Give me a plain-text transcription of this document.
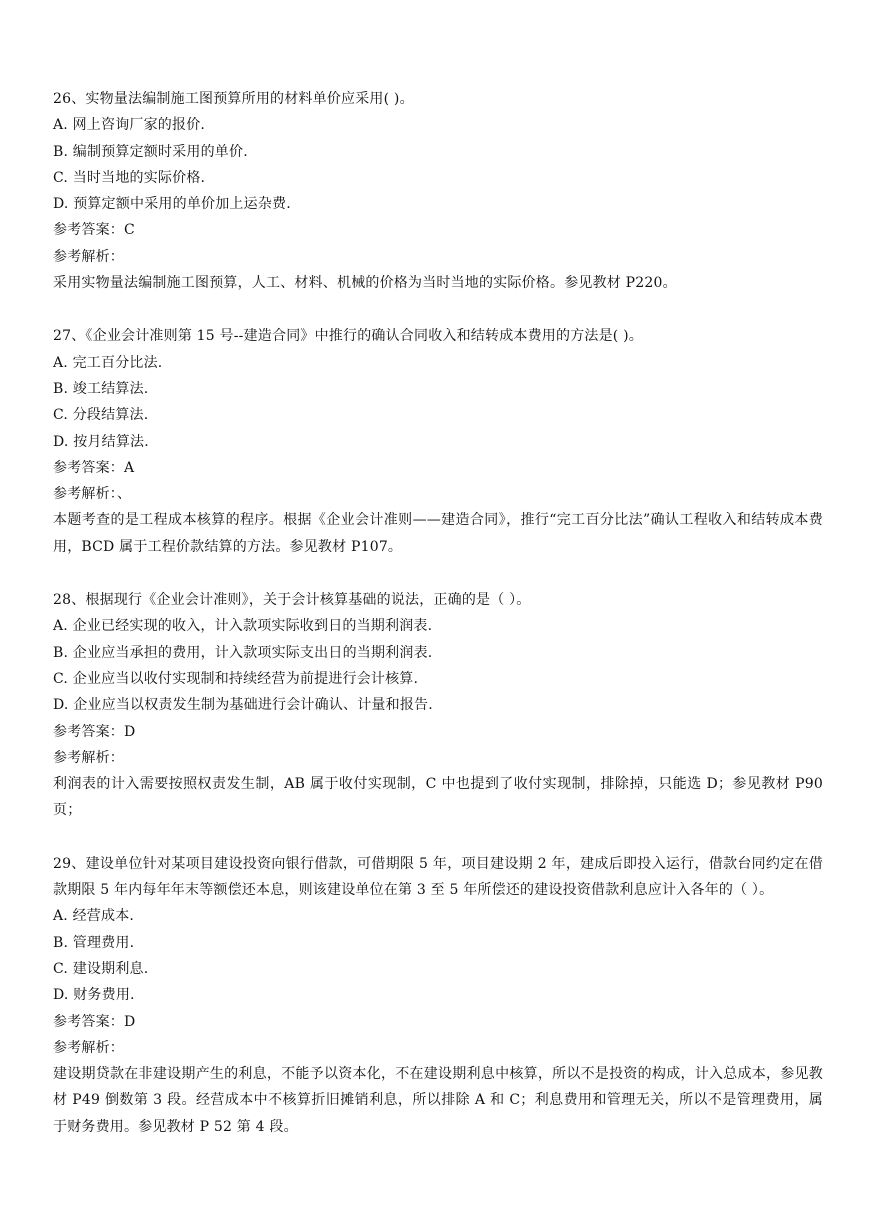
26、实物量法编制施工图预算所用的材料单价应采用( )。
A. 网上咨询厂家的报价.
B. 编制预算定额时采用的单价.
C. 当时当地的实际价格.
D. 预算定额中采用的单价加上运杂费.
参考答案：C
参考解析：
采用实物量法编制施工图预算，人工、材料、机械的价格为当时当地的实际价格。参见教材 P220。
27、《企业会计准则第 15 号--建造合同》中推行的确认合同收入和结转成本费用的方法是( )。
A. 完工百分比法.
B. 竣工结算法.
C. 分段结算法.
D. 按月结算法.
参考答案：A
参考解析：、
本题考查的是工程成本核算的程序。根据《企业会计准则——建造合同》，推行“完工百分比法”确认工程收入和结转成本费用，BCD 属于工程价款结算的方法。参见教材 P107。
28、根据现行《企业会计准则》，关于会计核算基础的说法，正确的是（ ）。
A. 企业已经实现的收入，计入款项实际收到日的当期利润表.
B. 企业应当承担的费用，计入款项实际支出日的当期利润表.
C. 企业应当以收付实现制和持续经营为前提进行会计核算.
D. 企业应当以权责发生制为基础进行会计确认、计量和报告.
参考答案：D
参考解析：
利润表的计入需要按照权责发生制，AB 属于收付实现制，C 中也提到了收付实现制，排除掉，只能选 D；参见教材 P90 页；
29、建设单位针对某项目建设投资向银行借款，可借期限 5 年，项目建设期 2 年，建成后即投入运行，借款台同约定在借款期限 5 年内每年年末等额偿还本息，则该建设单位在第 3 至 5 年所偿还的建设投资借款利息应计入各年的（ ）。
A. 经营成本.
B. 管理费用.
C. 建设期利息.
D. 财务费用.
参考答案：D
参考解析：
建设期贷款在非建设期产生的利息，不能予以资本化，不在建设期利息中核算，所以不是投资的构成，计入总成本，参见教材 P49 倒数第 3 段。经营成本中不核算折旧摊销利息，所以排除 A 和 C；利息费用和管理无关，所以不是管理费用，属于财务费用。参见教材 P 52 第 4 段。
